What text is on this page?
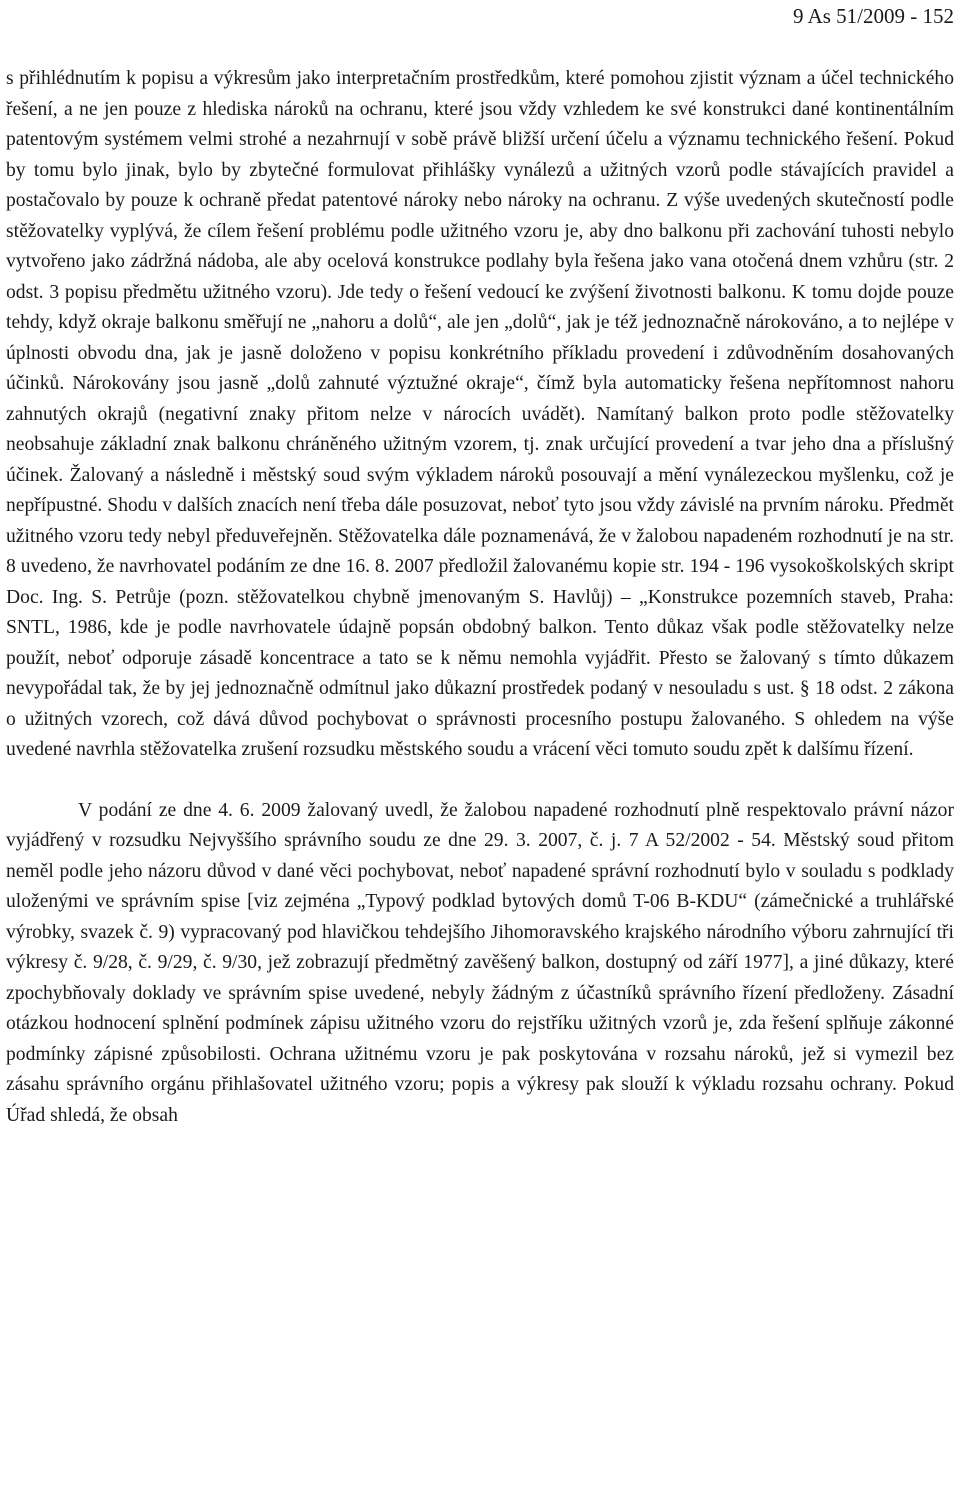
9 As 51/2009 - 152

s přihlédnutím k popisu a výkresům jako interpretačním prostředkům, které pomohou zjistit význam a účel technického řešení, a ne jen pouze z hlediska nároků na ochranu, které jsou vždy vzhledem ke své konstrukci dané kontinentálním patentovým systémem velmi strohé a nezahrnují v sobě právě bližší určení účelu a významu technického řešení. Pokud by tomu bylo jinak, bylo by zbytečné formulovat přihlášky vynálezů a užitných vzorů podle stávajících pravidel a postačovalo by pouze k ochraně předat patentové nároky nebo nároky na ochranu. Z výše uvedených skutečností podle stěžovatelky vyplývá, že cílem řešení problému podle užitného vzoru je, aby dno balkonu při zachování tuhosti nebylo vytvořeno jako zádržná nádoba, ale aby ocelová konstrukce podlahy byla řešena jako vana otočená dnem vzhůru (str. 2 odst. 3 popisu předmětu užitného vzoru). Jde tedy o řešení vedoucí ke zvýšení životnosti balkonu. K tomu dojde pouze tehdy, když okraje balkonu směřují ne „nahoru a dolů“, ale jen „dolů“, jak je též jednoznačně nárokováno, a to nejlépe v úplnosti obvodu dna, jak je jasně doloženo v popisu konkrétního příkladu provedení i zdůvodněním dosahovaných účinků. Nárokovány jsou jasně „dolů zahnuté výztužné okraje“, čímž byla automaticky řešena nepřítomnost nahoru zahnutých okrajů (negativní znaky přitom nelze v nárocích uvádět). Namítaný balkon proto podle stěžovatelky neobsahuje základní znak balkonu chráněného užitným vzorem, tj. znak určující provedení a tvar jeho dna a příslušný účinek. Žalovaný a následně i městský soud svým výkladem nároků posouvají a mění vynálezeckou myšlenku, což je nepřípustné. Shodu v dalších znacích není třeba dále posuzovat, neboť tyto jsou vždy závislé na prvním nároku. Předmět užitného vzoru tedy nebyl předuveřejněn. Stěžovatelka dále poznamenává, že v žalobou napadeném rozhodnutí je na str. 8 uvedeno, že navrhovatel podáním ze dne 16. 8. 2007 předložil žalovanému kopie str. 194 - 196 vysokoškolských skript Doc. Ing. S. Petrůje (pozn. stěžovatelkou chybně jmenovaným S. Havlůj) – „Konstrukce pozemních staveb, Praha: SNTL, 1986, kde je podle navrhovatele údajně popsán obdobný balkon. Tento důkaz však podle stěžovatelky nelze použít, neboť odporuje zásadě koncentrace a tato se k němu nemohla vyjádřit. Přesto se žalovaný s tímto důkazem nevypořádal tak, že by jej jednoznačně odmítnul jako důkazní prostředek podaný v nesouladu s ust. § 18 odst. 2 zákona o užitných vzorech, což dává důvod pochybovat o správnosti procesního postupu žalovaného. S ohledem na výše uvedené navrhla stěžovatelka zrušení rozsudku městského soudu a vrácení věci tomuto soudu zpět k dalšímu řízení.

V podání ze dne 4. 6. 2009 žalovaný uvedl, že žalobou napadené rozhodnutí plně respektovalo právní názor vyjádřený v rozsudku Nejvyššího správního soudu ze dne 29. 3. 2007, č. j. 7 A 52/2002 - 54. Městský soud přitom neměl podle jeho názoru důvod v dané věci pochybovat, neboť napadené správní rozhodnutí bylo v souladu s podklady uloženými ve správním spise [viz zejména „Typový podklad bytových domů T-06 B-KDU“ (zámečnické a truhlářské výrobky, svazek č. 9) vypracovaný pod hlavičkou tehdejšího Jihomoravského krajského národního výboru zahrnující tři výkresy č. 9/28, č. 9/29, č. 9/30, jež zobrazují předmětný zavěšený balkon, dostupný od září 1977], a jiné důkazy, které zpochybňovaly doklady ve správním spise uvedené, nebyly žádným z účastníků správního řízení předloženy. Zásadní otázkou hodnocení splnění podmínek zápisu užitného vzoru do rejstříku užitných vzorů je, zda řešení splňuje zákonné podmínky zápisné způsobilosti. Ochrana užitnému vzoru je pak poskytována v rozsahu nároků, jež si vymezil bez zásahu správního orgánu přihlašovatel užitného vzoru; popis a výkresy pak slouží k výkladu rozsahu ochrany. Pokud Úřad shledá, že obsah
